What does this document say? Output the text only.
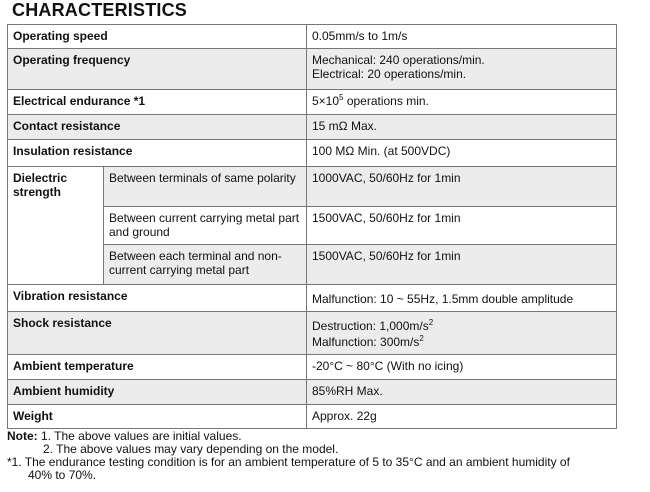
CHARACTERISTICS
Operating speed		0.05mm/s to 1m/s
Operating frequency		Mechanical: 240 operations/min.
Electrical: 20 operations/min.

Electrical endurance *1		$5\times 10^5$ operations min.
Contact resistance		15 mΩ Max.
Insulation resistance		100 MΩ Min. (at 500VDC)
Dielectric strength	Between terminals of same polarity	1000VAC, 50/60Hz for 1min
	Between current carrying metal part and ground	1500VAC, 50/60Hz for 1min
	Between each terminal and non-current carrying metal part	1500VAC, 50/60Hz for 1min
Vibration resistance		Malfunction: 10 ~ 55Hz, 1.5mm double amplitude
Shock resistance		Destruction: $1,000m/s^2$
Malfunction: $300m/s^2$

Ambient temperature		-20°C ~ 80°C (With no icing)
Ambient humidity		85%RH Max.
Weight		Approx. 22g
Note: 1. The above values are initial values.
2. The above values may vary depending on the model.
*1. The endurance testing condition is for an ambient temperature of 5 to 35°C and an ambient humidity of
40% to 70%.
